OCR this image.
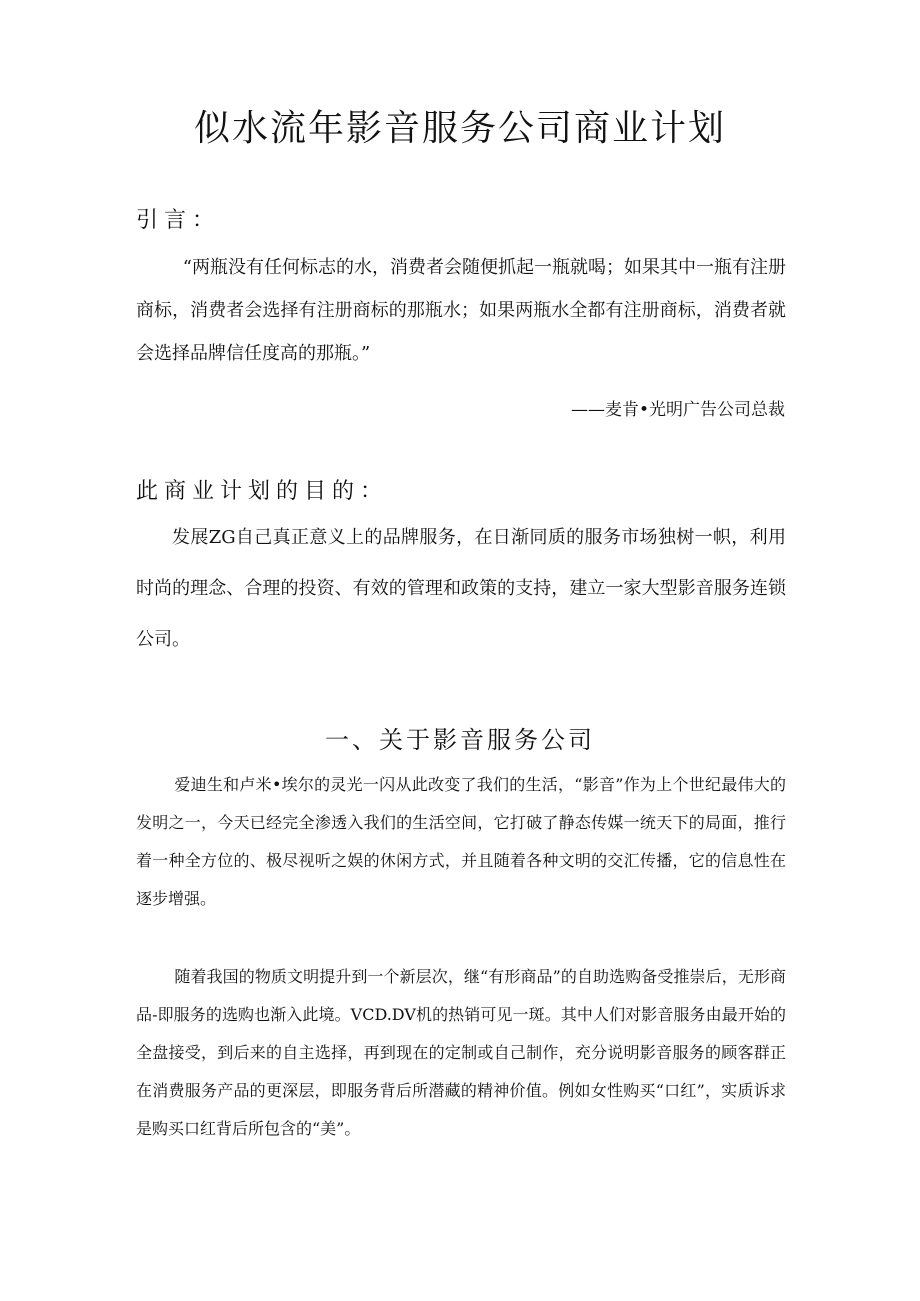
似水流年影音服务公司商业计划
引言：

“两瓶没有任何标志的水，消费者会随便抓起一瓶就喝；如果其中一瓶有注册商标，消费者会选择有注册商标的那瓶水；如果两瓶水全都有注册商标，消费者就会选择品牌信任度高的那瓶。”

——麦肯•光明广告公司总裁

此商业计划的目的：

发展ZG自己真正意义上的品牌服务，在日渐同质的服务市场独树一帜，利用时尚的理念、合理的投资、有效的管理和政策的支持，建立一家大型影音服务连锁公司。

一、关于影音服务公司

爱迪生和卢米•埃尔的灵光一闪从此改变了我们的生活，“影音”作为上个世纪最伟大的发明之一，今天已经完全渗透入我们的生活空间，它打破了静态传媒一统天下的局面，推行着一种全方位的、极尽视听之娱的休闲方式，并且随着各种文明的交汇传播，它的信息性在逐步增强。

随着我国的物质文明提升到一个新层次，继“有形商品”的自助选购备受推崇后，无形商品-即服务的选购也渐入此境。VCD.DV机的热销可见一斑。其中人们对影音服务由最开始的全盘接受，到后来的自主选择，再到现在的定制或自己制作，充分说明影音服务的顾客群正在消费服务产品的更深层，即服务背后所潜藏的精神价值。例如女性购买“口红”，实质诉求是购买口红背后所包含的“美”。
